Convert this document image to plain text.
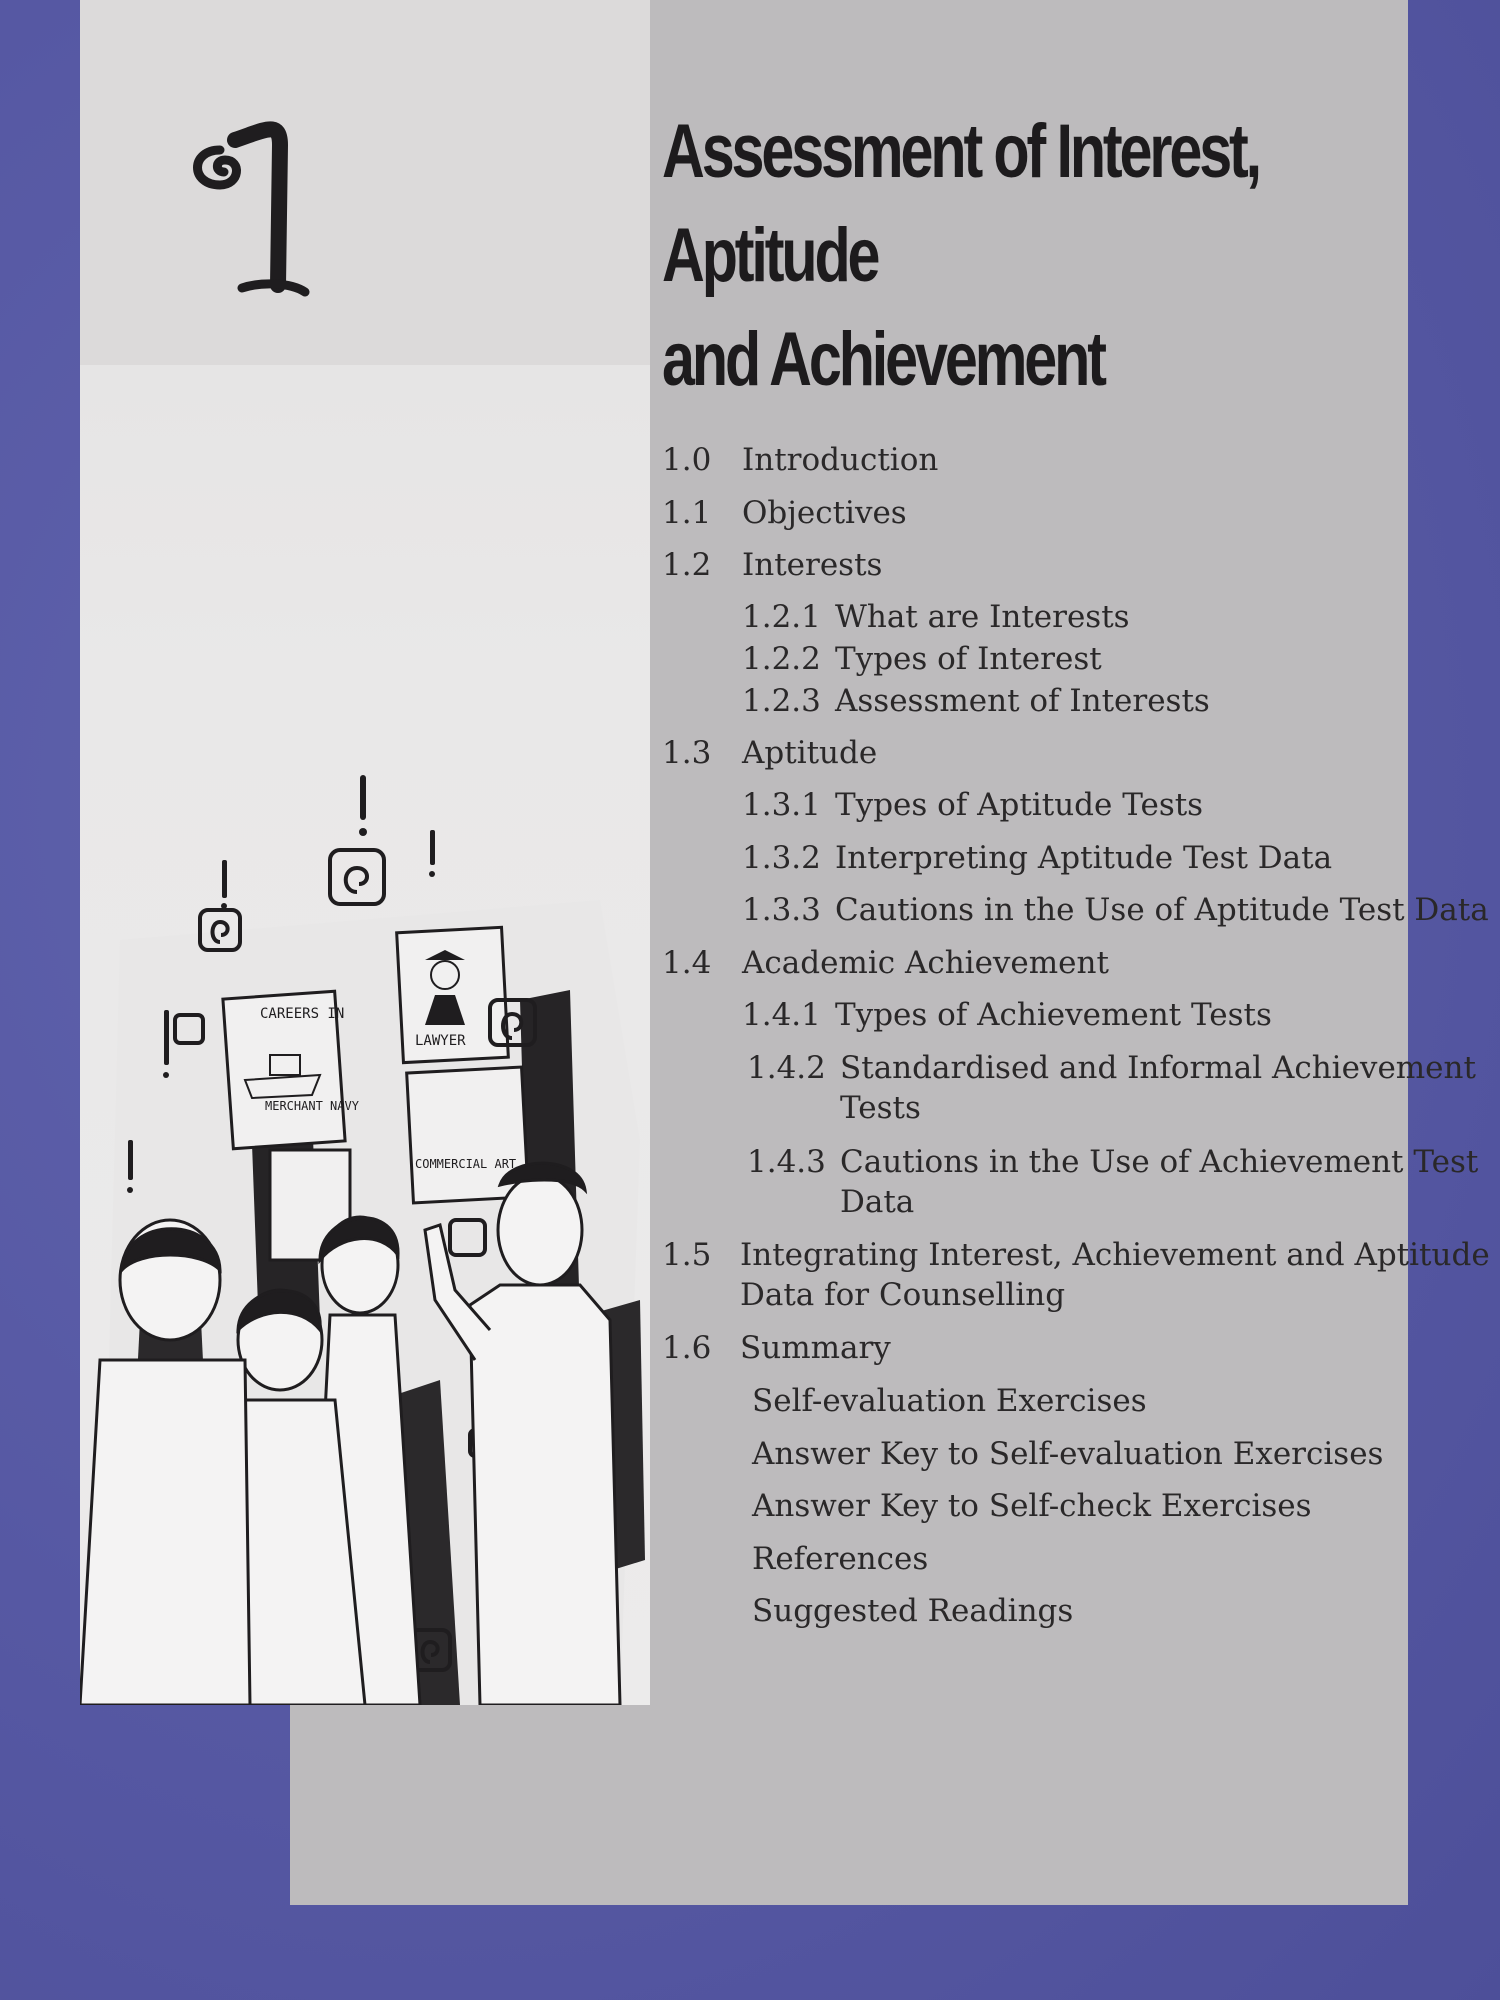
Assessment of Interest, Aptitude
and Achievement
1.0 Introduction
1.1 Objectives
1.2 Interests
1.2.1 What are Interests
1.2.2 Types of Interest
1.2.3 Assessment of Interests
1.3 Aptitude
1.3.1 Types of Aptitude Tests
1.3.2 Interpreting Aptitude Test Data
1.3.3 Cautions in the Use of Aptitude Test Data
1.4 Academic Achievement
1.4.1 Types of Achievement Tests
1.4.2 Standardised and Informal Achievement
Tests
1.4.3 Cautions in the Use of Achievement Test
Data
1.5 Integrating Interest, Achievement and Aptitude
Data for Counselling
1.6 Summary
Self-evaluation Exercises
Answer Key to Self-evaluation Exercises
Answer Key to Self-check Exercises
References
Suggested Readings
CAREERS IN
MERCHANT NAVY
LAWYER
COMMERCIAL ART
